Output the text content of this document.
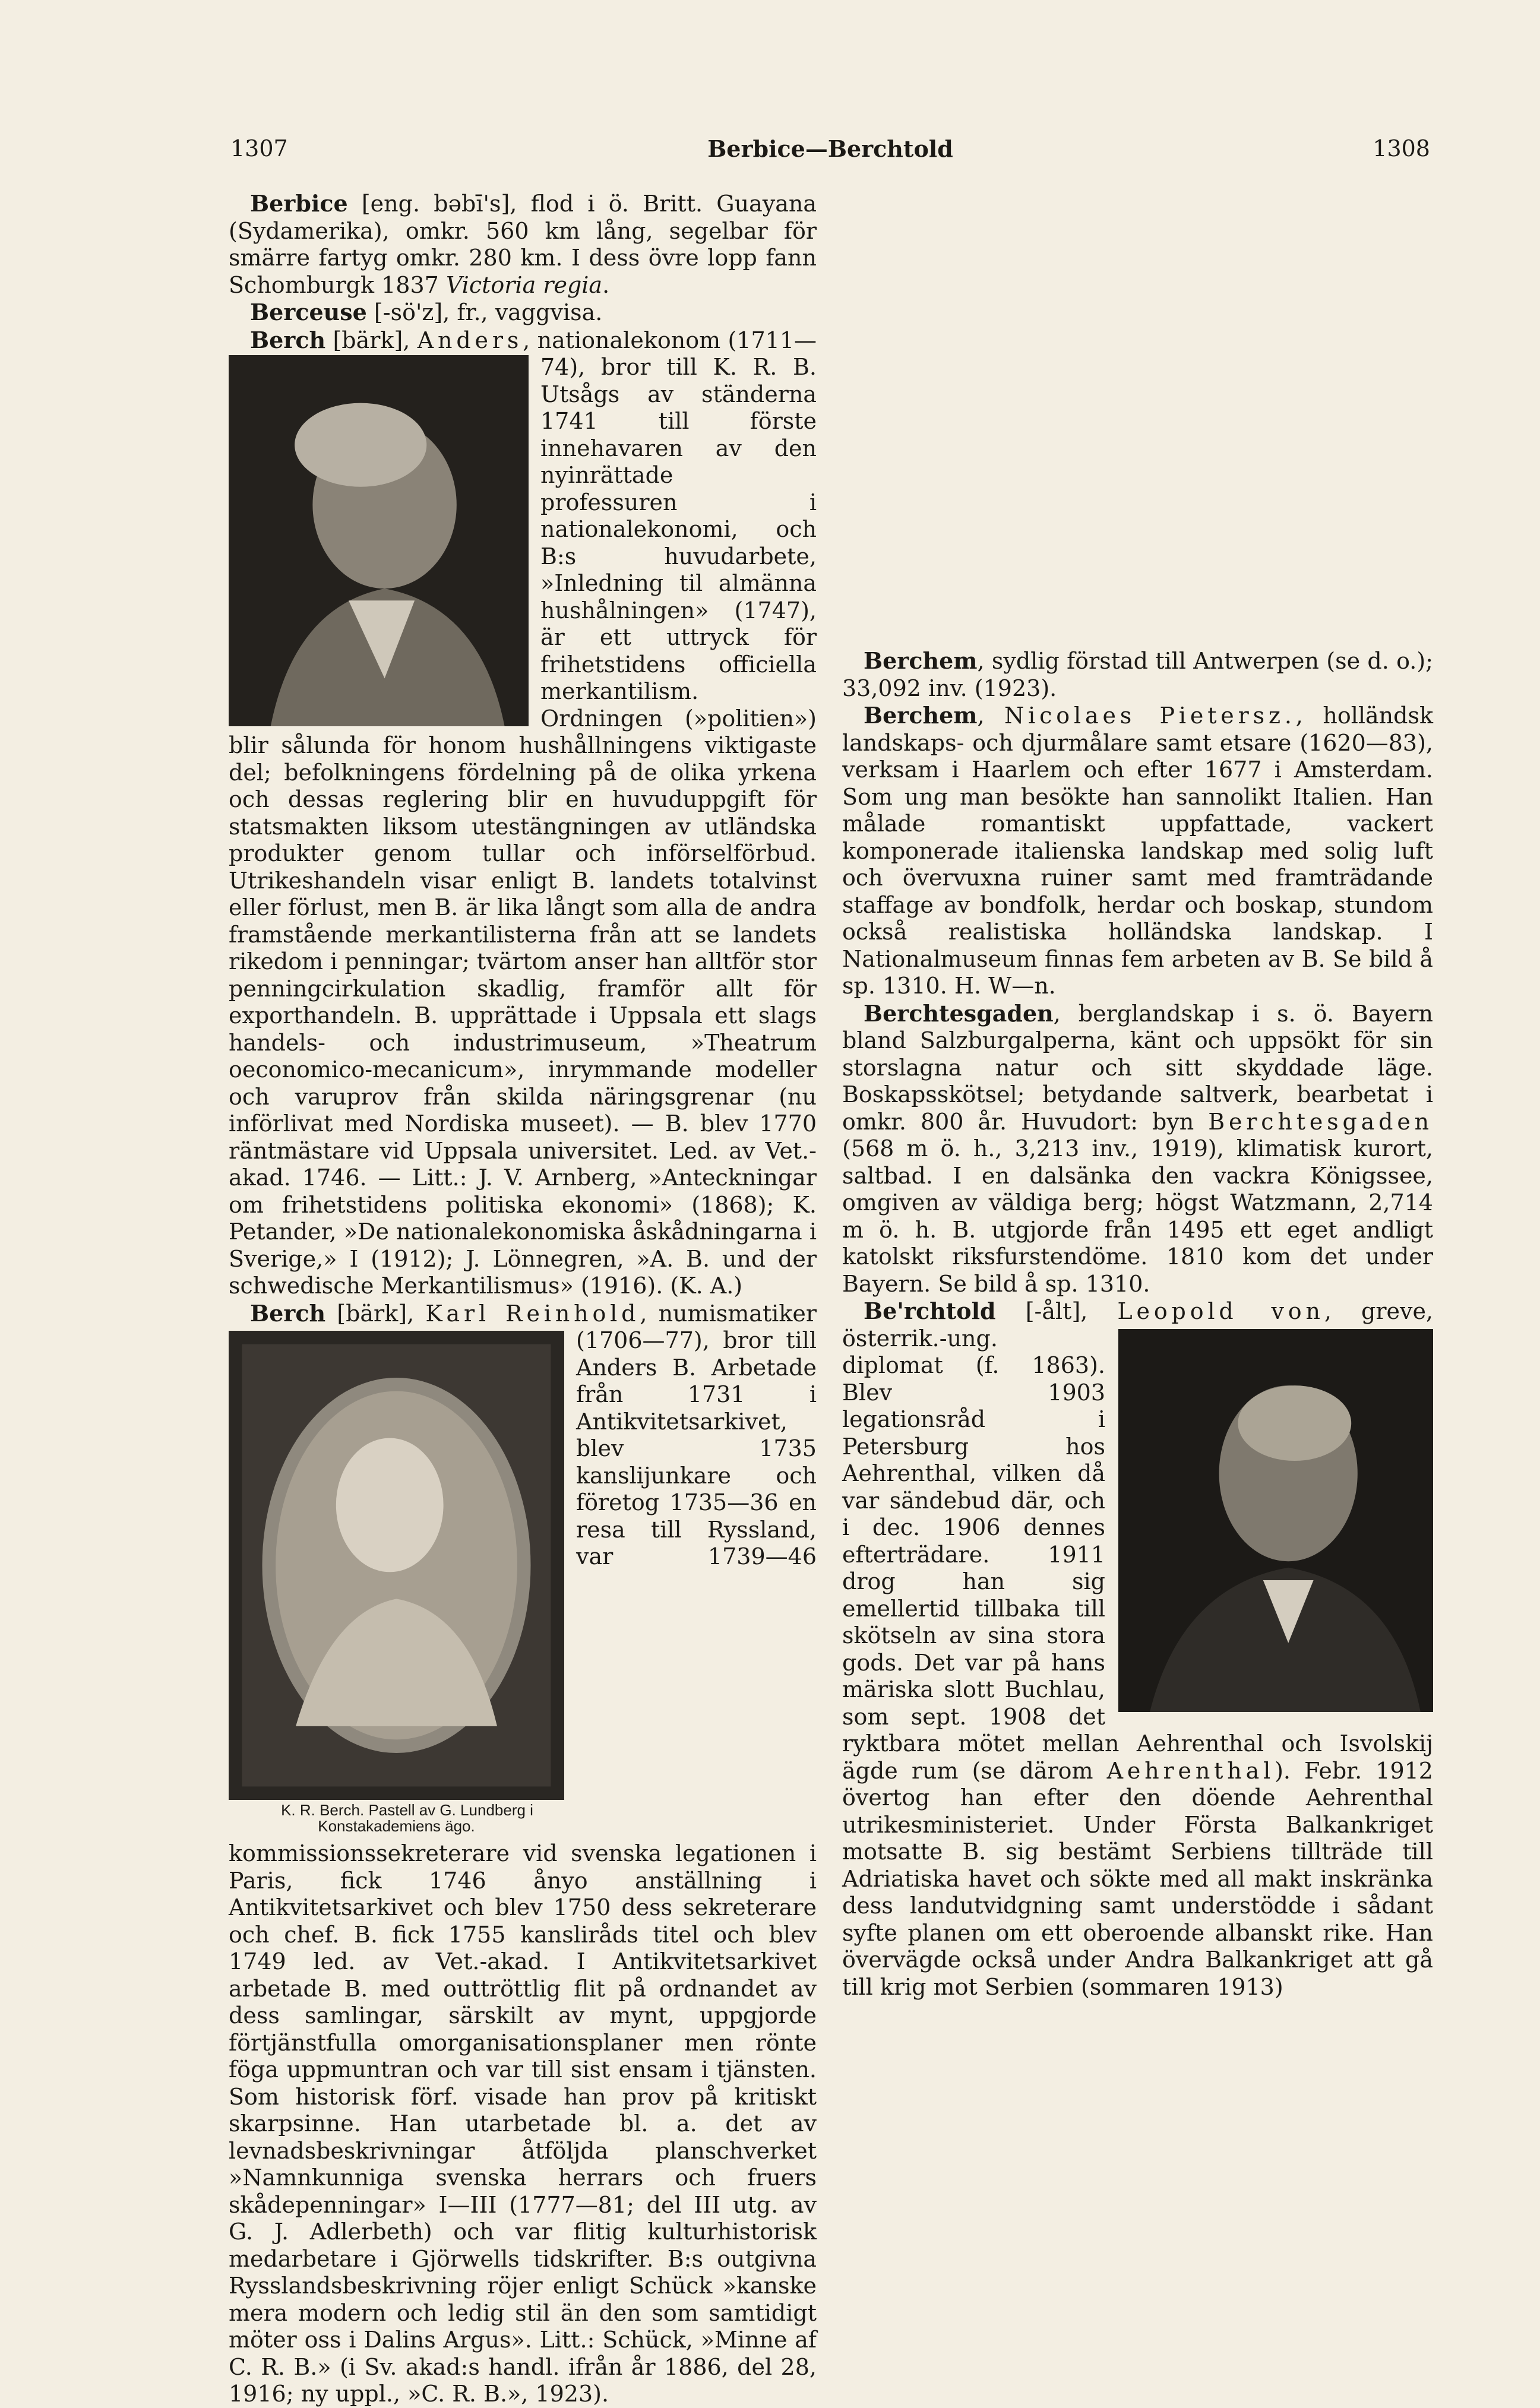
1307	Berbice—Berchtold	1308

Berbice [eng. bəbī's], flod i ö. Britt. Guayana (Sydamerika), omkr. 560 km lång, segelbar för smärre fartyg omkr. 280 km. I dess övre lopp fann Schomburgk 1837 Victoria regia.

Berceuse [-sö'z], fr., vaggvisa.

Berch [bärk], Anders
, nationalekonom (1711—74), bror till K. R. B. Utsågs av ständerna 1741 till förste innehavaren av den nyinrättade professuren i nationalekonomi, och B:s huvudarbete, »Inledning til almänna hushålningen» (1747), är ett uttryck för frihetstidens officiella merkantilism. Ordningen (»politien») blir sålunda för honom hushållningens viktigaste del; befolkningens fördelning på de olika yrkena och dessas reglering blir en huvuduppgift för statsmakten liksom utestängningen av utländska produkter genom tullar och införselförbud. Utrikeshandeln visar enligt B. landets totalvinst eller förlust, men B. är lika långt som alla de andra framstående merkantilisterna från att se landets rikedom i penningar; tvärtom anser han alltför stor penningcirkulation skadlig, framför allt för exporthandeln. B. upprättade i Uppsala ett slags handels- och industrimuseum, »Theatrum oeconomico-mecanicum», inrymmande modeller och varuprov från skilda näringsgrenar (nu införlivat med Nordiska museet). — B. blev 1770 räntmästare vid Uppsala universitet. Led. av Vet.-akad. 1746. — Litt.: J. V. Arnberg, »Anteckningar om frihetstidens politiska ekonomi» (1868); K. Petander, »De nationalekonomiska åskådningarna i Sverige,» I (1912); J. Lönnegren, »A. B. und der schwedische Merkantilismus» (1916). (K. A.)

Berch [bärk], Karl Reinhold
K. R. Berch. Pastell av G. Lundberg i Konstakademiens ägo.
, numismatiker (1706—77), bror till Anders B. Arbetade från 1731 i Antikvitetsarkivet, blev 1735 kanslijunkare och företog 1735—36 en resa till Ryssland, var 1739—46 kommissionssekreterare vid svenska legationen i Paris, fick 1746 ånyo anställning i Antikvitetsarkivet och blev 1750 dess sekreterare och chef. B. fick 1755 kansliråds titel och blev 1749 led. av Vet.-akad. I Antikvitetsarkivet arbetade B. med outtröttlig flit på ordnandet av dess samlingar, särskilt av mynt, uppgjorde förtjänstfulla omorganisationsplaner men rönte föga uppmuntran och var till sist ensam i tjänsten. Som historisk förf. visade han prov på kritiskt skarpsinne. Han utarbetade bl. a. det av levnadsbeskrivningar åtföljda planschverket »Namnkunniga svenska herrars och fruers skådepenningar» I—III (1777—81; del III utg. av G. J. Adlerbeth) och var flitig kulturhistorisk medarbetare i Gjörwells tidskrifter. B:s outgivna Rysslandsbeskrivning röjer enligt Schück »kanske mera modern och ledig stil än den som samtidigt möter oss i Dalins Argus». Litt.: Schück, »Minne af C. R. B.» (i Sv. akad:s handl. ifrån år 1886, del 28, 1916; ny uppl., »C. R. B.», 1923).

Berchem, sydlig förstad till Antwerpen (se d. o.); 33,092 inv. (1923).

Berchem, Nicolaes Pietersz., holländsk landskaps- och djurmålare samt etsare (1620—83), verksam i Haarlem och efter 1677 i Amsterdam. Som ung man besökte han sannolikt Italien. Han målade romantiskt uppfattade, vackert komponerade italienska landskap med solig luft och övervuxna ruiner samt med framträdande staffage av bondfolk, herdar och boskap, stundom också realistiska holländska landskap. I Nationalmuseum finnas fem arbeten av B. Se bild å sp. 1310. H. W—n.

Berchtesgaden, berglandskap i s. ö. Bayern bland Salzburgalperna, känt och uppsökt för sin storslagna natur och sitt skyddade läge. Boskapsskötsel; betydande saltverk, bearbetat i omkr. 800 år. Huvudort: byn Berchtesgaden (568 m ö. h., 3,213 inv., 1919), klimatisk kurort, saltbad. I en dalsänka den vackra Königssee, omgiven av väldiga berg; högst Watzmann, 2,714 m ö. h. B. utgjorde från 1495 ett eget andligt katolskt riksfurstendöme. 1810 kom det under Bayern. Se bild å sp. 1310.

Be'rchtold [-ålt], Leopold von
, greve, österrik.-ung. diplomat (f. 1863). Blev 1903 legationsråd i Petersburg hos Aehrenthal, vilken då var sändebud där, och i dec. 1906 dennes efterträdare. 1911 drog han sig emellertid tillbaka till skötseln av sina stora gods. Det var på hans märiska slott Buchlau, som sept. 1908 det ryktbara mötet mellan Aehrenthal och Isvolskij ägde rum (se därom Aehrenthal). Febr. 1912 övertog han efter den döende Aehrenthal utrikesministeriet. Under Första Balkankriget motsatte B. sig bestämt Serbiens tillträde till Adriatiska havet och sökte med all makt inskränka dess landutvidgning samt understödde i sådant syfte planen om ett oberoende albanskt rike. Han övervägde också under Andra Balkankriget att gå till krig mot Serbien (sommaren 1913)
